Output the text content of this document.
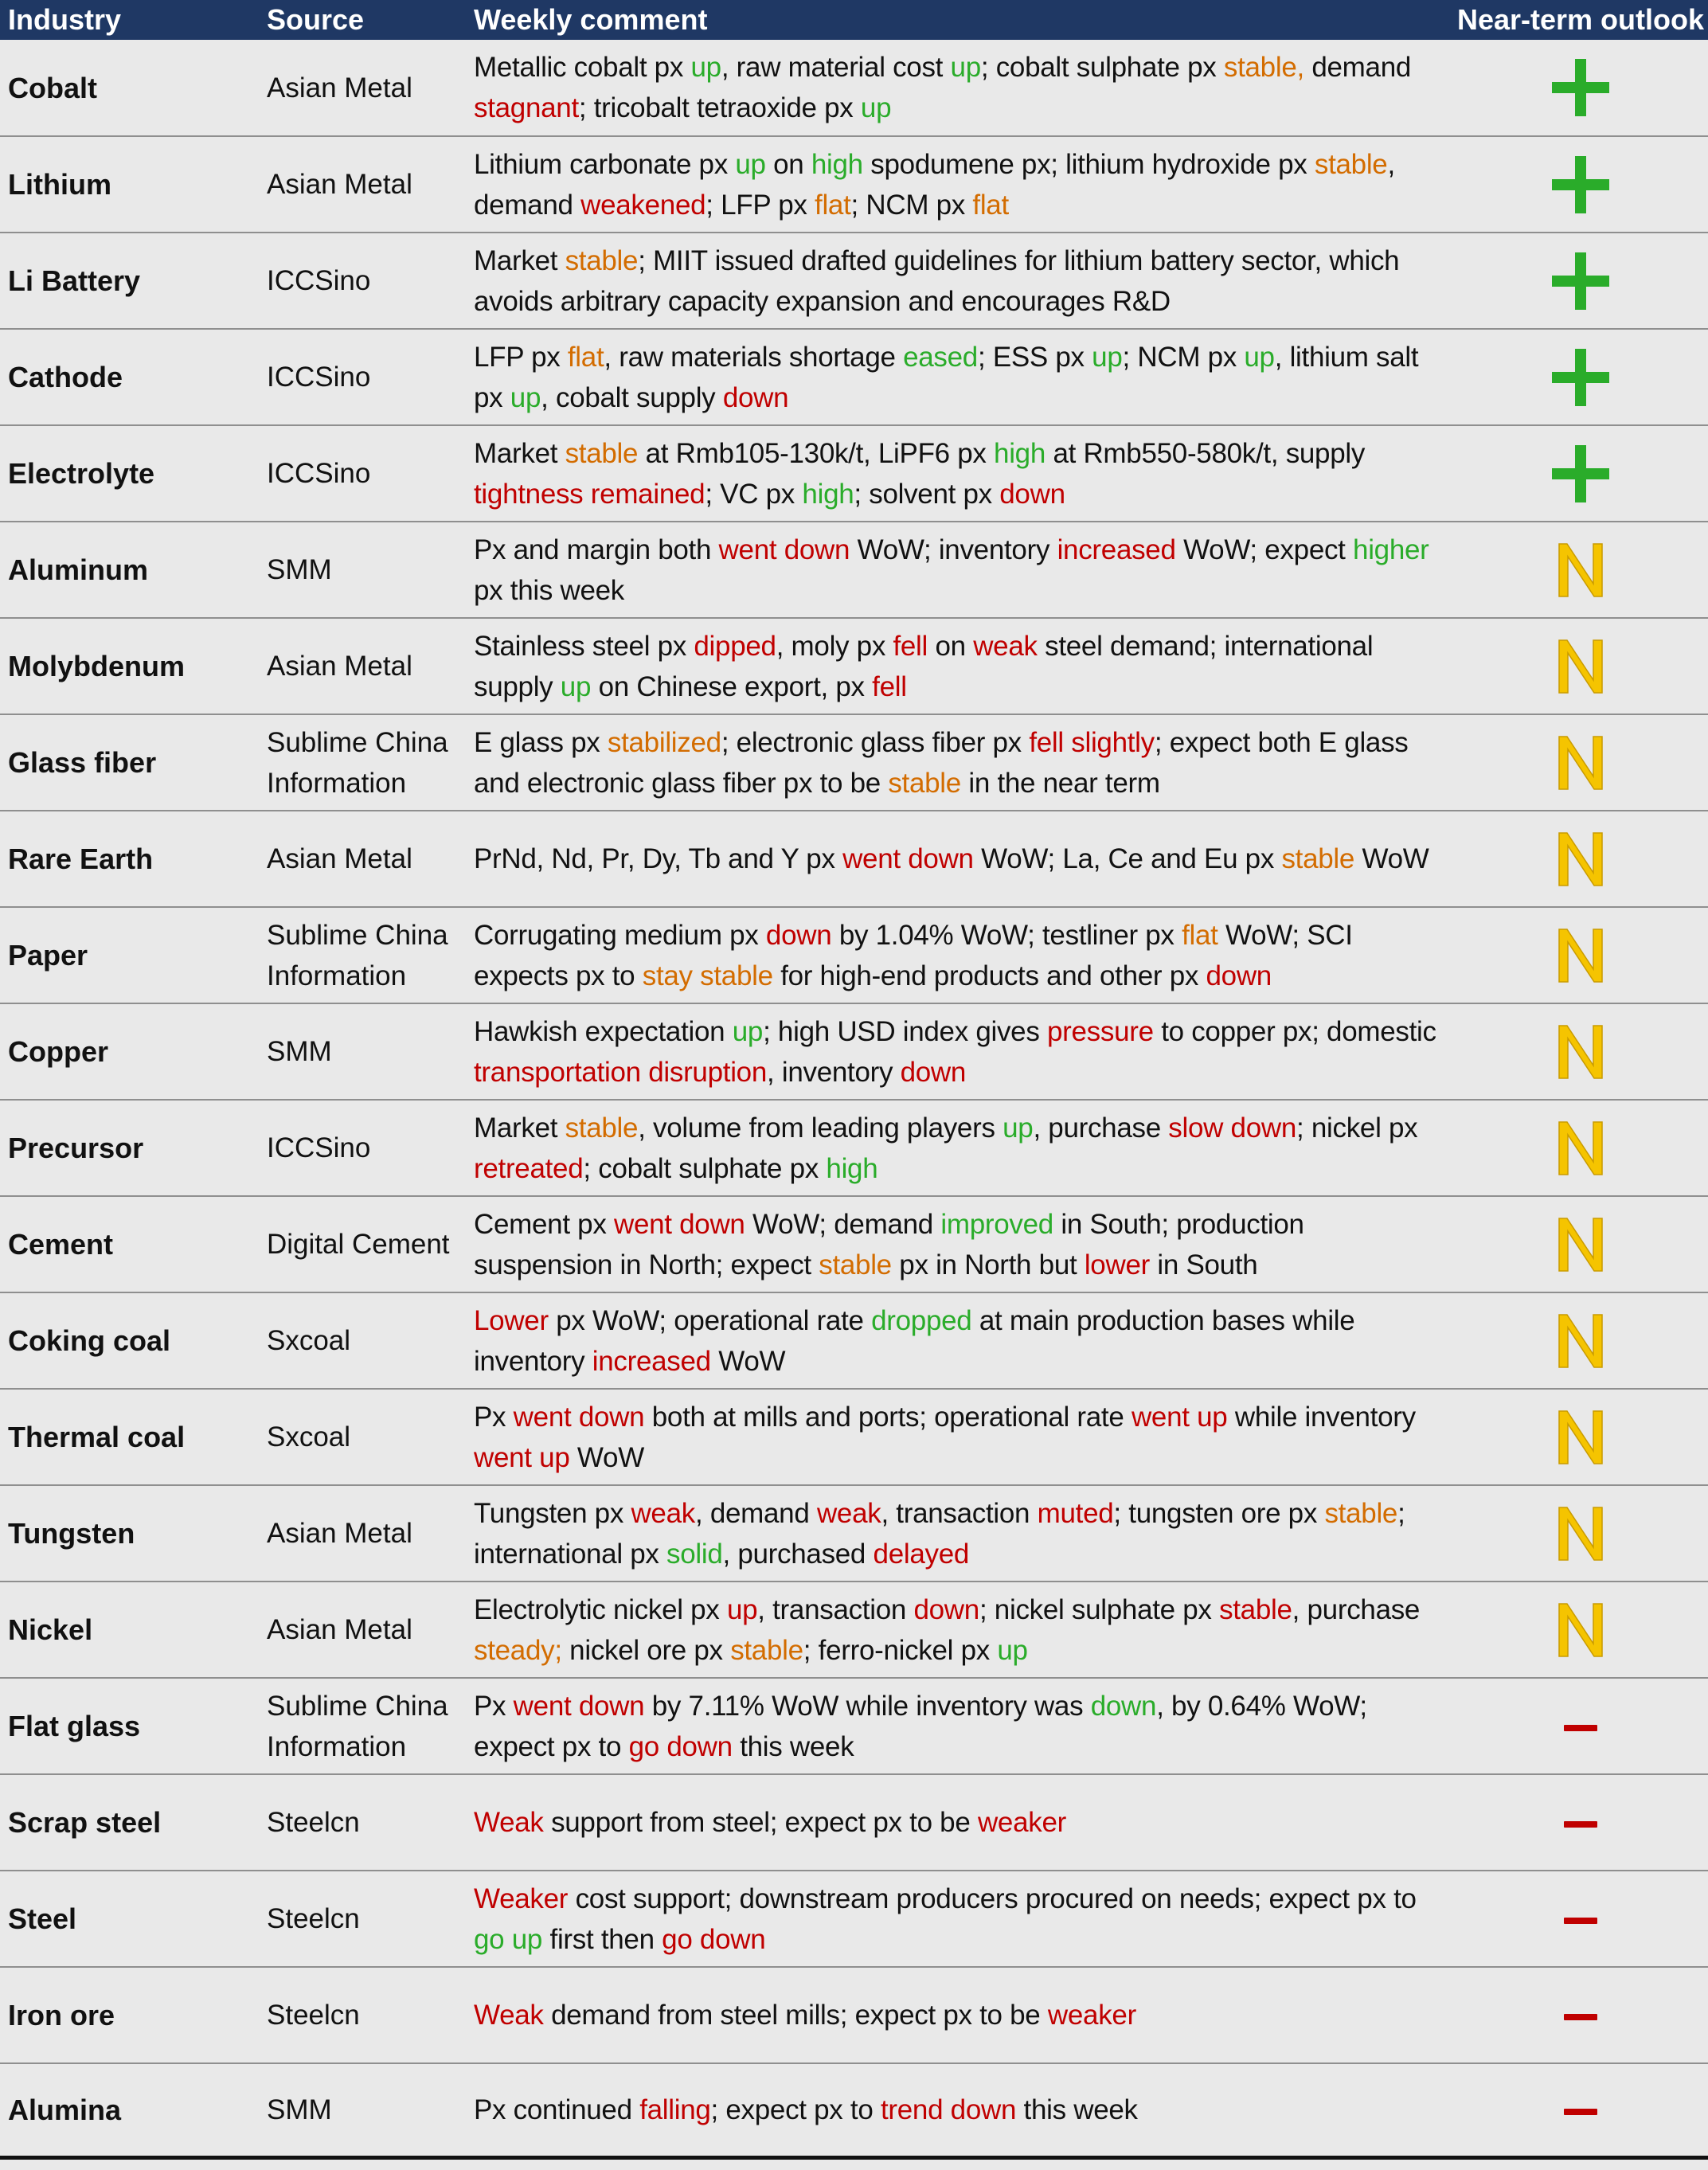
Industry	Source	Weekly comment	Near-term outlook
Cobalt	Asian Metal	Metallic cobalt px up, raw material cost up; cobalt sulphate px stable, demand stagnant; tricobalt tetraoxide px up	
Lithium	Asian Metal	Lithium carbonate px up on high spodumene px; lithium hydroxide px stable, demand weakened; LFP px flat; NCM px flat	
Li Battery	ICCSino	Market stable; MIIT issued drafted guidelines for lithium battery sector, which avoids arbitrary capacity expansion and encourages R&D	
Cathode	ICCSino	LFP px flat, raw materials shortage eased; ESS px up; NCM px up, lithium salt px up, cobalt supply down	
Electrolyte	ICCSino	Market stable at Rmb105-130k/t, LiPF6 px high at Rmb550-580k/t, supply tightness remained; VC px high; solvent px down	
Aluminum	SMM	Px and margin both went down WoW; inventory increased WoW; expect higher px this week	
Molybdenum	Asian Metal	Stainless steel px dipped, moly px fell on weak steel demand; international supply up on Chinese export, px fell	
Glass fiber	Sublime China Information	E glass px stabilized; electronic glass fiber px fell slightly; expect both E glass and electronic glass fiber px to be stable in the near term	
Rare Earth	Asian Metal	PrNd, Nd, Pr, Dy, Tb and Y px went down WoW; La, Ce and Eu px stable WoW	
Paper	Sublime China Information	Corrugating medium px down by 1.04% WoW; testliner px flat WoW; SCI expects px to stay stable for high-end products and other px down	
Copper	SMM	Hawkish expectation up; high USD index gives pressure to copper px; domestic transportation disruption, inventory down	
Precursor	ICCSino	Market stable, volume from leading players up, purchase slow down; nickel px retreated; cobalt sulphate px high	
Cement	Digital Cement	Cement px went down WoW; demand improved in South; production suspension in North; expect stable px in North but lower in South	
Coking coal	Sxcoal	Lower px WoW; operational rate dropped at main production bases while inventory increased WoW	
Thermal coal	Sxcoal	Px went down both at mills and ports; operational rate went up while inventory went up WoW	
Tungsten	Asian Metal	Tungsten px weak, demand weak, transaction muted; tungsten ore px stable; international px solid, purchased delayed	
Nickel	Asian Metal	Electrolytic nickel px up, transaction down; nickel sulphate px stable, purchase steady; nickel ore px stable; ferro-nickel px up	
Flat glass	Sublime China Information	Px went down by 7.11% WoW while inventory was down, by 0.64% WoW; expect px to go down this week	
Scrap steel	Steelcn	Weak support from steel; expect px to be weaker	
Steel	Steelcn	Weaker cost support; downstream producers procured on needs; expect px to go up first then go down	
Iron ore	Steelcn	Weak demand from steel mills; expect px to be weaker	
Alumina	SMM	Px continued falling; expect px to trend down this week	
